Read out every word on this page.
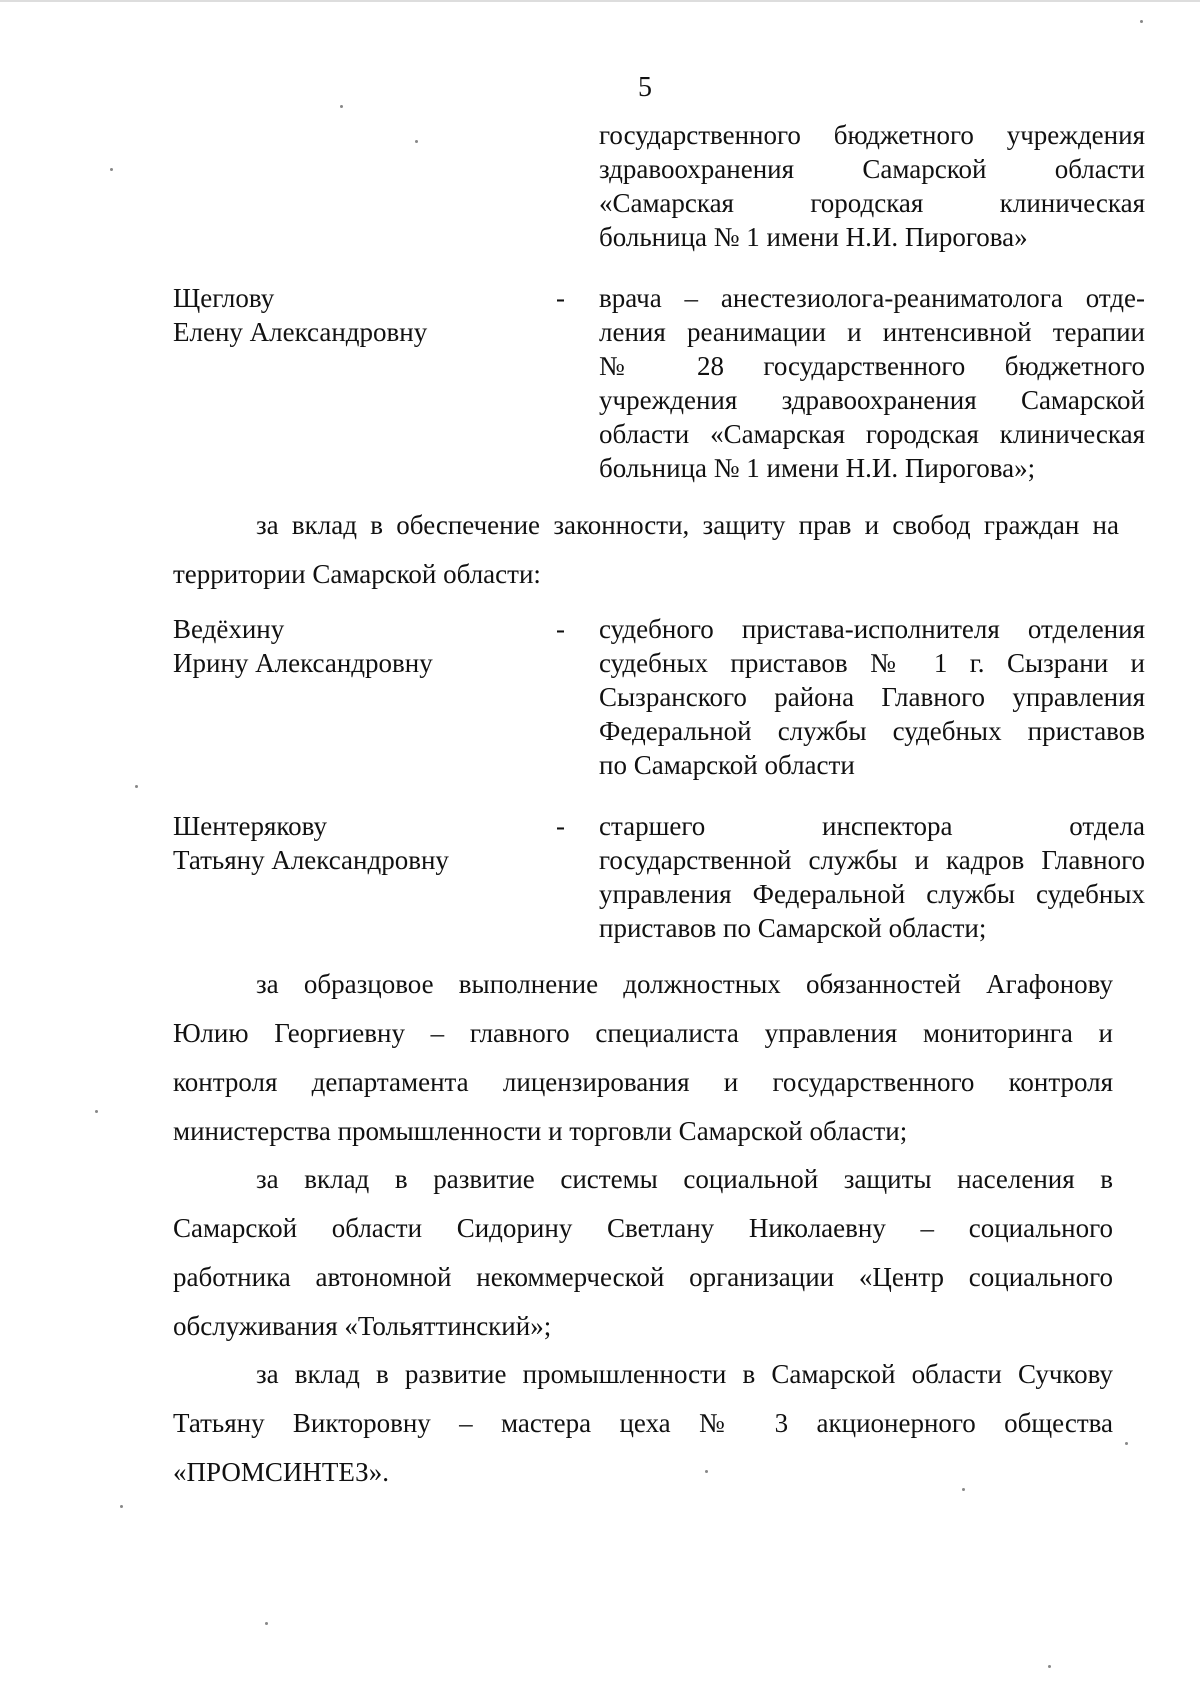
5
государственного бюджетного учреждения
здравоохранения Самарской области
«Самарская городская клиническая
больница № 1 имени Н.И. Пирогова»
Щеглову
Елену Александровну
- врача – анестезиолога-реаниматолога отде-
ления реанимации и интенсивной терапии
№ 28 государственного бюджетного
учреждения здравоохранения Самарской
области «Самарская городская клиническая
больница № 1 имени Н.И. Пирогова»;
за вклад в обеспечение законности, защиту прав и свобод граждан на
территории Самарской области:
Ведёхину
Ирину Александровну
- судебного пристава-исполнителя отделения
судебных приставов № 1 г. Сызрани и
Сызранского района Главного управления
Федеральной службы судебных приставов
по Самарской области
Шентерякову
Татьяну Александровну
- старшего инспектора отдела
государственной службы и кадров Главного
управления Федеральной службы судебных
приставов по Самарской области;
за образцовое выполнение должностных обязанностей Агафонову
Юлию Георгиевну – главного специалиста управления мониторинга и
контроля департамента лицензирования и государственного контроля
министерства промышленности и торговли Самарской области;
за вклад в развитие системы социальной защиты населения в
Самарской области Сидорину Светлану Николаевну – социального
работника автономной некоммерческой организации «Центр социального
обслуживания «Тольяттинский»;
за вклад в развитие промышленности в Самарской области Сучкову
Татьяну Викторовну – мастера цеха № 3 акционерного общества
«ПРОМСИНТЕЗ».
